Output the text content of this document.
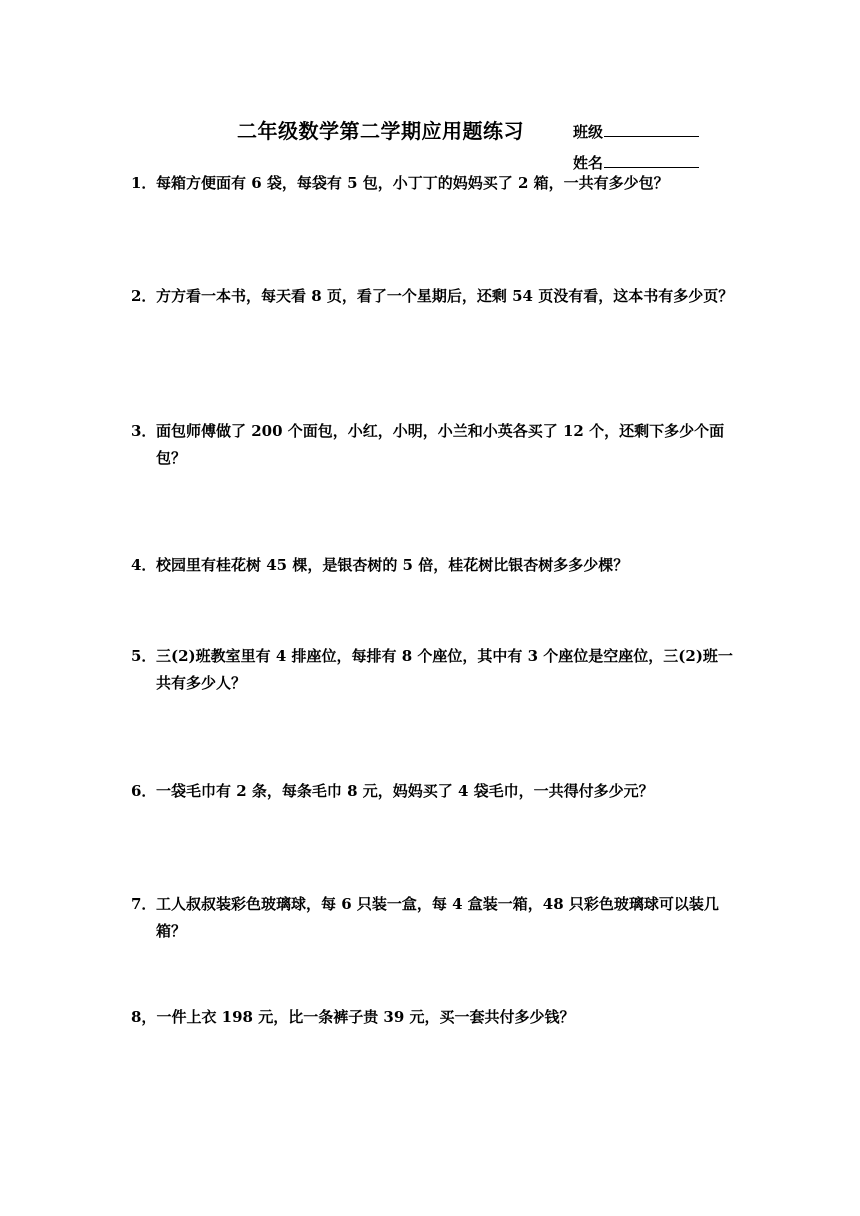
二年级数学第二学期应用题练习	班级
姓名
1． 每箱方便面有 6 袋，每袋有 5 包，小丁丁的妈妈买了 2 箱，一共有多少包？
2． 方方看一本书，每天看 8 页，看了一个星期后，还剩 54 页没有看，这本书有多少页？
3． 面包师傅做了 200 个面包，小红，小明，小兰和小英各买了 12 个，还剩下多少个面包？
4． 校园里有桂花树 45 棵，是银杏树的 5 倍，桂花树比银杏树多多少棵？
5． 三(2)班教室里有 4 排座位，每排有 8 个座位，其中有 3 个座位是空座位，三(2)班一共有多少人？
6． 一袋毛巾有 2 条，每条毛巾 8 元，妈妈买了 4 袋毛巾，一共得付多少元？
7． 工人叔叔装彩色玻璃球，每 6 只装一盒，每 4 盒装一箱，48 只彩色玻璃球可以装几箱？
8，一件上衣 198 元，比一条裤子贵 39 元，买一套共付多少钱？
